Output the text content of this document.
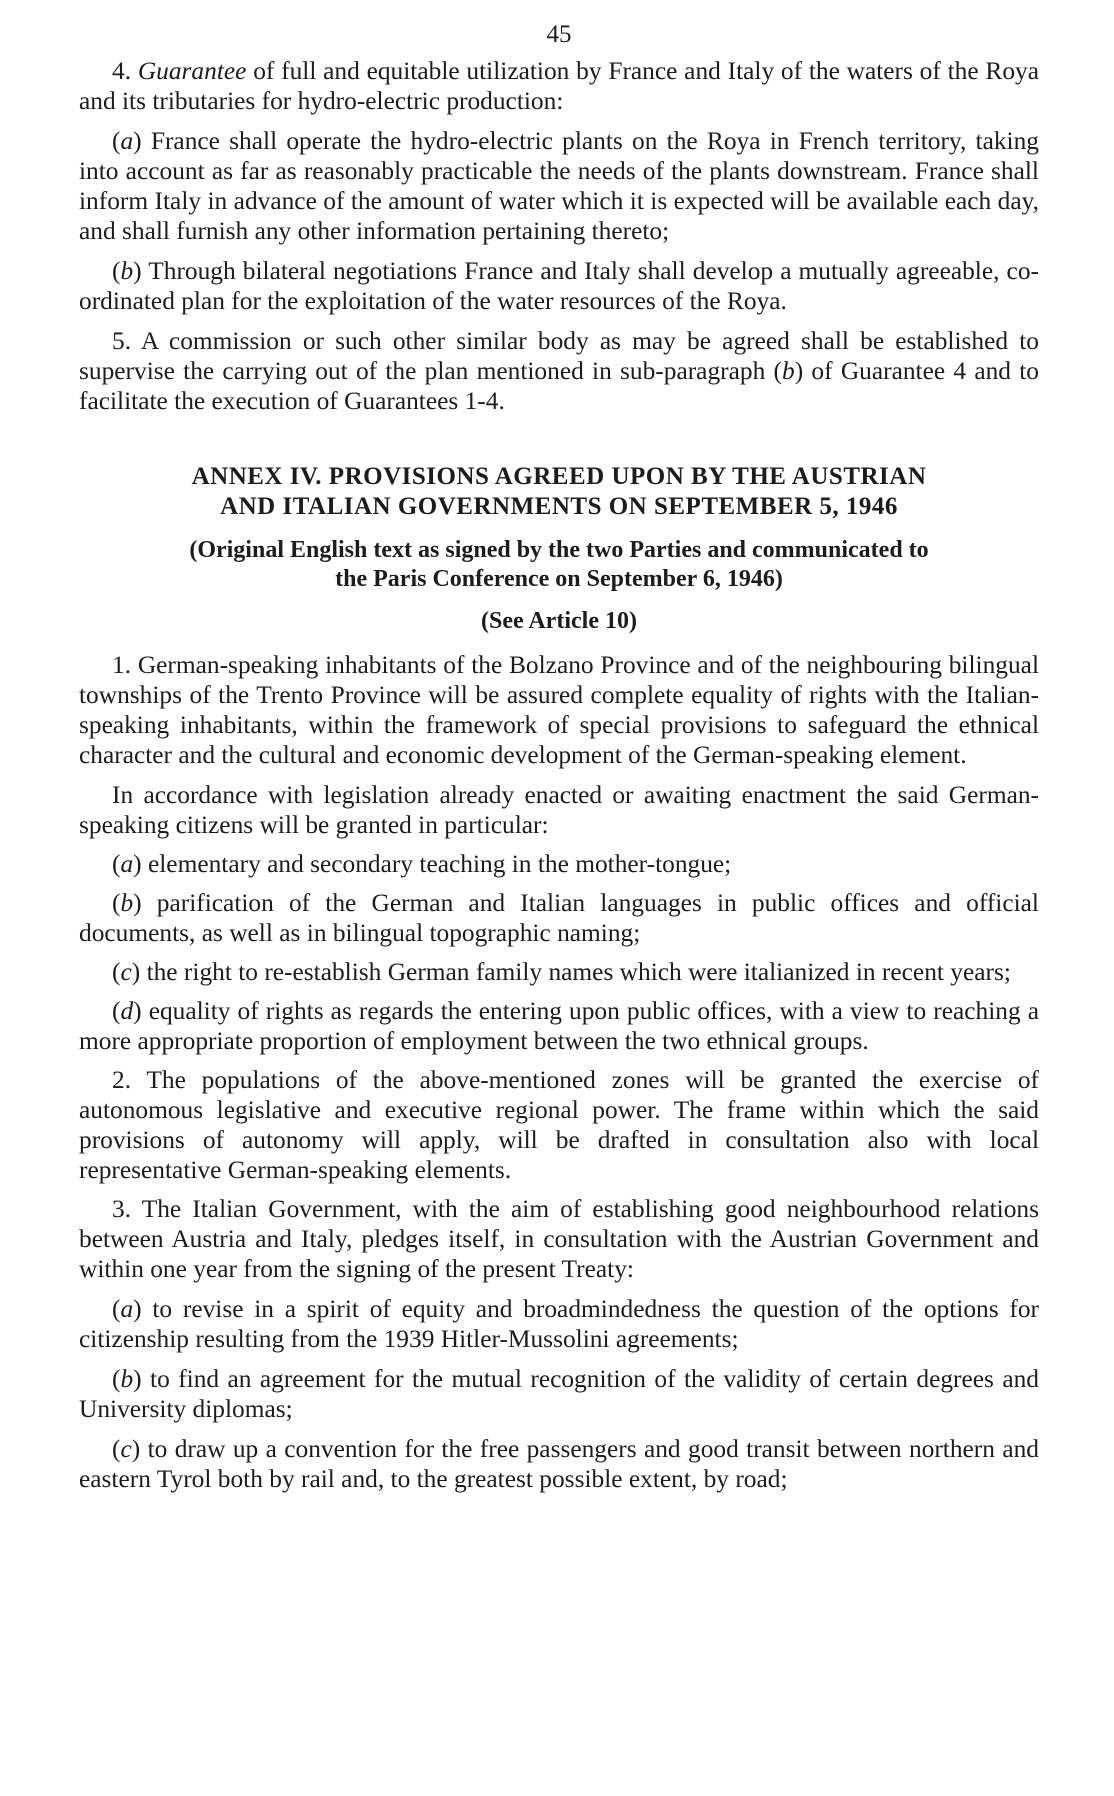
45

4. Guarantee of full and equitable utilization by France and Italy of the waters of the Roya and its tributaries for hydro-electric production:

(a) France shall operate the hydro-electric plants on the Roya in French territory, taking into account as far as reasonably practicable the needs of the plants downstream. France shall inform Italy in advance of the amount of water which it is expected will be available each day, and shall furnish any other information pertaining thereto;

(b) Through bilateral negotiations France and Italy shall develop a mutually agreeable, co-ordinated plan for the exploitation of the water resources of the Roya.

5. A commission or such other similar body as may be agreed shall be established to supervise the carrying out of the plan mentioned in sub-paragraph (b) of Guarantee 4 and to facilitate the execution of Guarantees 1-4.

ANNEX IV. PROVISIONS AGREED UPON BY THE AUSTRIAN
AND ITALIAN GOVERNMENTS ON SEPTEMBER 5, 1946

(Original English text as signed by the two Parties and communicated to
the Paris Conference on September 6, 1946)

(See Article 10)

1. German-speaking inhabitants of the Bolzano Province and of the neighbouring bilingual townships of the Trento Province will be assured complete equality of rights with the Italian-speaking inhabitants, within the framework of special provisions to safeguard the ethnical character and the cultural and economic development of the German-speaking element.

In accordance with legislation already enacted or awaiting enactment the said German-speaking citizens will be granted in particular:

(a) elementary and secondary teaching in the mother-tongue;

(b) parification of the German and Italian languages in public offices and official documents, as well as in bilingual topographic naming;

(c) the right to re-establish German family names which were italianized in recent years;

(d) equality of rights as regards the entering upon public offices, with a view to reaching a more appropriate proportion of employment between the two ethnical groups.

2. The populations of the above-mentioned zones will be granted the exercise of autonomous legislative and executive regional power. The frame within which the said provisions of autonomy will apply, will be drafted in consultation also with local representative German-speaking elements.

3. The Italian Government, with the aim of establishing good neighbourhood relations between Austria and Italy, pledges itself, in consultation with the Austrian Government and within one year from the signing of the present Treaty:

(a) to revise in a spirit of equity and broadmindedness the question of the options for citizenship resulting from the 1939 Hitler-Mussolini agreements;

(b) to find an agreement for the mutual recognition of the validity of certain degrees and University diplomas;

(c) to draw up a convention for the free passengers and good transit between northern and eastern Tyrol both by rail and, to the greatest possible extent, by road;
